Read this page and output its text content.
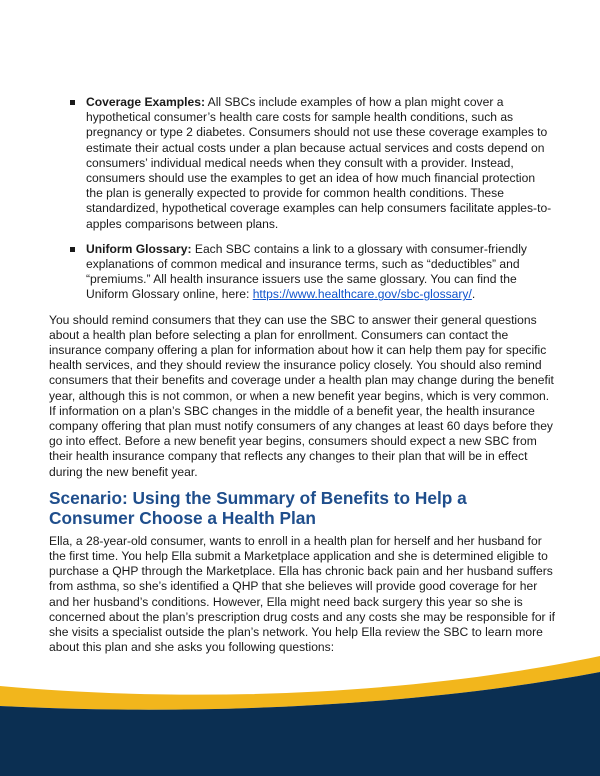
Coverage Examples: All SBCs include examples of how a plan might cover a hypothetical consumer’s health care costs for sample health conditions, such as pregnancy or type 2 diabetes. Consumers should not use these coverage examples to estimate their actual costs under a plan because actual services and costs depend on consumers’ individual medical needs when they consult with a provider. Instead, consumers should use the examples to get an idea of how much financial protection the plan is generally expected to provide for common health conditions. These standardized, hypothetical coverage examples can help consumers facilitate apples-to-apples comparisons between plans.
Uniform Glossary: Each SBC contains a link to a glossary with consumer-friendly explanations of common medical and insurance terms, such as “deductibles” and “premiums.” All health insurance issuers use the same glossary. You can find the Uniform Glossary online, here: https://www.healthcare.gov/sbc-glossary/.

You should remind consumers that they can use the SBC to answer their general questions about a health plan before selecting a plan for enrollment. Consumers can contact the insurance company offering a plan for information about how it can help them pay for specific health services, and they should review the insurance policy closely. You should also remind consumers that their benefits and coverage under a health plan may change during the benefit year, although this is not common, or when a new benefit year begins, which is very common. If information on a plan’s SBC changes in the middle of a benefit year, the health insurance company offering that plan must notify consumers of any changes at least 60 days before they go into effect. Before a new benefit year begins, consumers should expect a new SBC from their health insurance company that reflects any changes to their plan that will be in effect during the new benefit year.

Scenario: Using the Summary of Benefits to Help a Consumer Choose a Health Plan

Ella, a 28-year-old consumer, wants to enroll in a health plan for herself and her husband for the first time. You help Ella submit a Marketplace application and she is determined eligible to purchase a QHP through the Marketplace. Ella has chronic back pain and her husband suffers from asthma, so she’s identified a QHP that she believes will provide good coverage for her and her husband’s conditions. However, Ella might need back surgery this year so she is concerned about the plan’s prescription drug costs and any costs she may be responsible for if she visits a specialist outside the plan’s network. You help Ella review the SBC to learn more about this plan and she asks you following questions:
